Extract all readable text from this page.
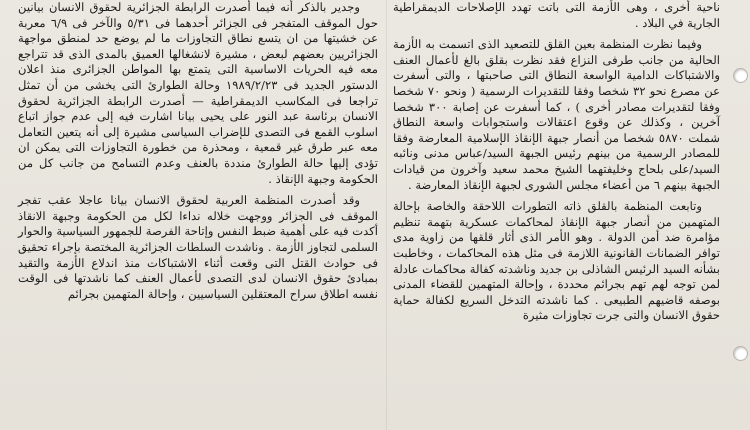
ناحية أخرى ، وهى الأزمة التى باتت تهدد الإصلاحات الديمقراطية الجارية في البلاد .

وفيما نظرت المنظمة بعين القلق للتصعيد الذى اتسمت به الأزمة الحالية من جانب طرفى النزاع فقد نظرت بقلق بالغ لأعمال العنف والاشتباكات الدامية الواسعة النطاق التى صاحبتها ، والتى أسفرت عن مصرع نحو ٣٢ شخصا وفقا للتقديرات الرسمية ( ونحو ٧٠ شخصا وفقا لتقديرات مصادر أخرى ) ، كما أسفرت عن إصابة ٣٠٠ شخصا آخرين ، وكذلك عن وقوع اعتقالات واستجوابات واسعة النطاق شملت ٥٨٧٠ شخصا من أنصار جبهة الإنقاذ الإسلامية المعارضة وفقا للمصادر الرسمية من بينهم رئيس الجبهة السيد/عباس مدنى ونائبه السيد/على بلحاج وخليفتهما الشيخ محمد سعيد وآخرون من قيادات الجبهة بينهم ٦ من أعضاء مجلس الشورى لجبهة الإنقاذ المعارضة .

وتابعت المنظمة بالقلق ذاته التطورات اللاحقة والخاصة بإحالة المتهمين من أنصار جبهة الإنقاذ لمحاكمات عسكرية بتهمة تنظيم مؤامرة ضد أمن الدولة . وهو الأمر الذى أثار قلقها من زاوية مدى توافر الضمانات القانونية اللازمة فى مثل هذه المحاكمات ، وخاطبت بشأنه السيد الرئيس الشاذلى بن جديد وناشدته كفالة محاكمات عادلة لمن توجه لهم تهم بجرائم محددة ، وإحالة المتهمين للقضاء المدنى بوصفه قاضيهم الطبيعى . كما ناشدته التدخل السريع لكفالة حماية حقوق الانسان والتى جرت تجاوزات مثيرة

وجدير بالذكر أنه فيما أصدرت الرابطة الجزائرية لحقوق الانسان بيانين حول الموقف المتفجر فى الجزائر أحدهما فى ٥/٣١ والآخر فى ٦/٩ معربة عن خشيتها من ان يتسع نطاق التجاوزات ما لم يوضع حد لمنطق مواجهة الجزائريين بعضهم لبعض ، مشيرة لانشغالها العميق بالمدى الذى قد تتراجع معه فيه الحريات الاساسية التى يتمتع بها المواطن الجزائرى منذ اعلان الدستور الجديد فى ١٩٨٩/٢/٢٣ وحالة الطوارئ التى يخشى من أن تمثل تراجعا فى المكاسب الديمقراطية — أصدرت الرابطة الجزائرية لحقوق الانسان برئاسة عبد النور على يحيى بيانا اشارت فيه إلى عدم جواز اتباع اسلوب القمع فى التصدى للإضراب السياسى مشيرة إلى أنه يتعين التعامل معه عبر طرق غير قمعية ، ومحذرة من خطورة التجاوزات التى يمكن ان تؤدى إليها حالة الطوارئ منددة بالعنف وعدم التسامح من جانب كل من الحكومة وجبهة الإنقاذ .

وقد أصدرت المنظمة العربية لحقوق الانسان بيانا عاجلا عقب تفجر الموقف فى الجزائر ووجهت خلاله نداءا لكل من الحكومة وجبهة الانقاذ أكدت فيه على أهمية ضبط النفس وإتاحة الفرصة للجمهور السياسية والحوار السلمى لتجاوز الأزمة . وناشدت السلطات الجزائرية المختصة بإجراء تحقيق فى حوادث القتل التى وقعت أثناء الاشتباكات منذ اندلاع الأزمة والتقيد بمبادئ حقوق الانسان لدى التصدى لأعمال العنف كما ناشدتها فى الوقت نفسه اطلاق سراح المعتقلين السياسيين ، وإحالة المتهمين بجرائم
